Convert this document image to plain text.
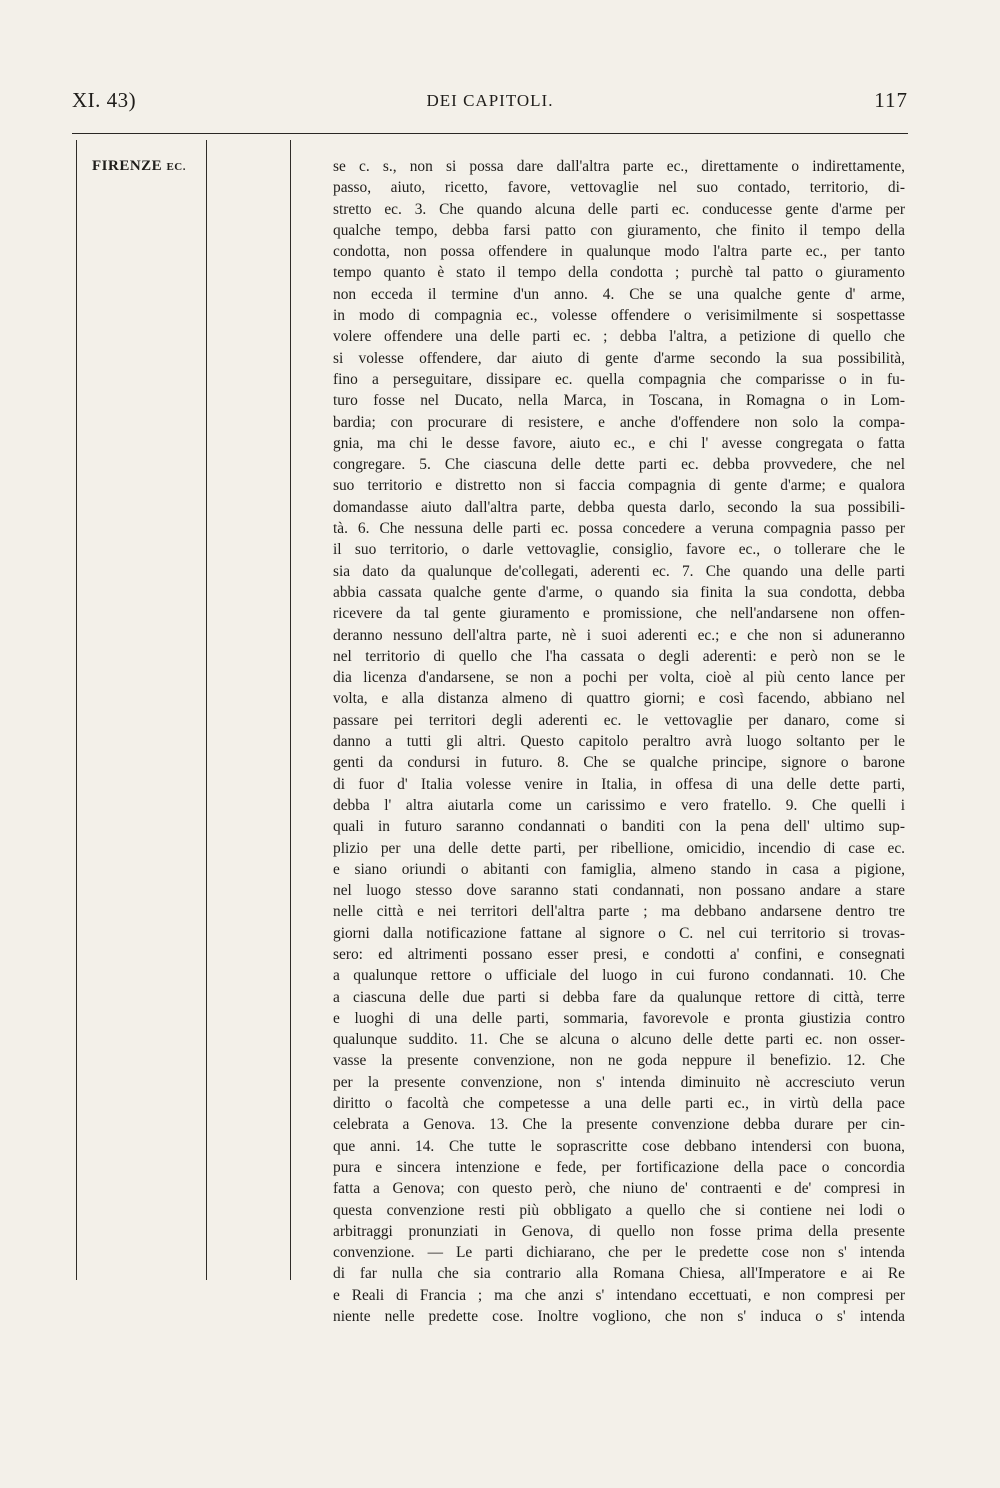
XI. 43)	DEI CAPITOLI.	117
FIRENZE EC.	se c. s., non si possa dare dall'altra parte ec., direttamente o indirettamente,
passo, aiuto, ricetto, favore, vettovaglie nel suo contado, territorio, di-
stretto ec. 3. Che quando alcuna delle parti ec. conducesse gente d'arme per
qualche tempo, debba farsi patto con giuramento, che finito il tempo della
condotta, non possa offendere in qualunque modo l'altra parte ec., per tanto
tempo quanto è stato il tempo della condotta ; purchè tal patto o giuramento
non ecceda il termine d'un anno. 4. Che se una qualche gente d' arme,
in modo di compagnia ec., volesse offendere o verisimilmente si sospettasse
volere offendere una delle parti ec. ; debba l'altra, a petizione di quello che
si volesse offendere, dar aiuto di gente d'arme secondo la sua possibilità,
fino a perseguitare, dissipare ec. quella compagnia che comparisse o in fu-
turo fosse nel Ducato, nella Marca, in Toscana, in Romagna o in Lom-
bardia; con procurare di resistere, e anche d'offendere non solo la compa-
gnia, ma chi le desse favore, aiuto ec., e chi l' avesse congregata o fatta
congregare. 5. Che ciascuna delle dette parti ec. debba provvedere, che nel
suo territorio e distretto non si faccia compagnia di gente d'arme; e qualora
domandasse aiuto dall'altra parte, debba questa darlo, secondo la sua possibili-
tà. 6. Che nessuna delle parti ec. possa concedere a veruna compagnia passo per
il suo territorio, o darle vettovaglie, consiglio, favore ec., o tollerare che le
sia dato da qualunque de'collegati, aderenti ec. 7. Che quando una delle parti
abbia cassata qualche gente d'arme, o quando sia finita la sua condotta, debba
ricevere da tal gente giuramento e promissione, che nell'andarsene non offen-
deranno nessuno dell'altra parte, nè i suoi aderenti ec.; e che non si aduneranno
nel territorio di quello che l'ha cassata o degli aderenti: e però non se le
dia licenza d'andarsene, se non a pochi per volta, cioè al più cento lance per
volta, e alla distanza almeno di quattro giorni; e così facendo, abbiano nel
passare pei territori degli aderenti ec. le vettovaglie per danaro, come si
danno a tutti gli altri. Questo capitolo peraltro avrà luogo soltanto per le
genti da condursi in futuro. 8. Che se qualche principe, signore o barone
di fuor d' Italia volesse venire in Italia, in offesa di una delle dette parti,
debba l' altra aiutarla come un carissimo e vero fratello. 9. Che quelli i
quali in futuro saranno condannati o banditi con la pena dell' ultimo sup-
plizio per una delle dette parti, per ribellione, omicidio, incendio di case ec.
e siano oriundi o abitanti con famiglia, almeno stando in casa a pigione,
nel luogo stesso dove saranno stati condannati, non possano andare a stare
nelle città e nei territori dell'altra parte ; ma debbano andarsene dentro tre
giorni dalla notificazione fattane al signore o C. nel cui territorio si trovas-
sero: ed altrimenti possano esser presi, e condotti a' confini, e consegnati
a qualunque rettore o ufficiale del luogo in cui furono condannati. 10. Che
a ciascuna delle due parti si debba fare da qualunque rettore di città, terre
e luoghi di una delle parti, sommaria, favorevole e pronta giustizia contro
qualunque suddito. 11. Che se alcuna o alcuno delle dette parti ec. non osser-
vasse la presente convenzione, non ne goda neppure il benefizio. 12. Che
per la presente convenzione, non s' intenda diminuito nè accresciuto verun
diritto o facoltà che competesse a una delle parti ec., in virtù della pace
celebrata a Genova. 13. Che la presente convenzione debba durare per cin-
que anni. 14. Che tutte le soprascritte cose debbano intendersi con buona,
pura e sincera intenzione e fede, per fortificazione della pace o concordia
fatta a Genova; con questo però, che niuno de' contraenti e de' compresi in
questa convenzione resti più obbligato a quello che si contiene nei lodi o
arbitraggi pronunziati in Genova, di quello non fosse prima della presente
convenzione. — Le parti dichiarano, che per le predette cose non s' intenda
di far nulla che sia contrario alla Romana Chiesa, all'Imperatore e ai Re
e Reali di Francia ; ma che anzi s' intendano eccettuati, e non compresi per
niente nelle predette cose. Inoltre vogliono, che non s' induca o s' intenda
